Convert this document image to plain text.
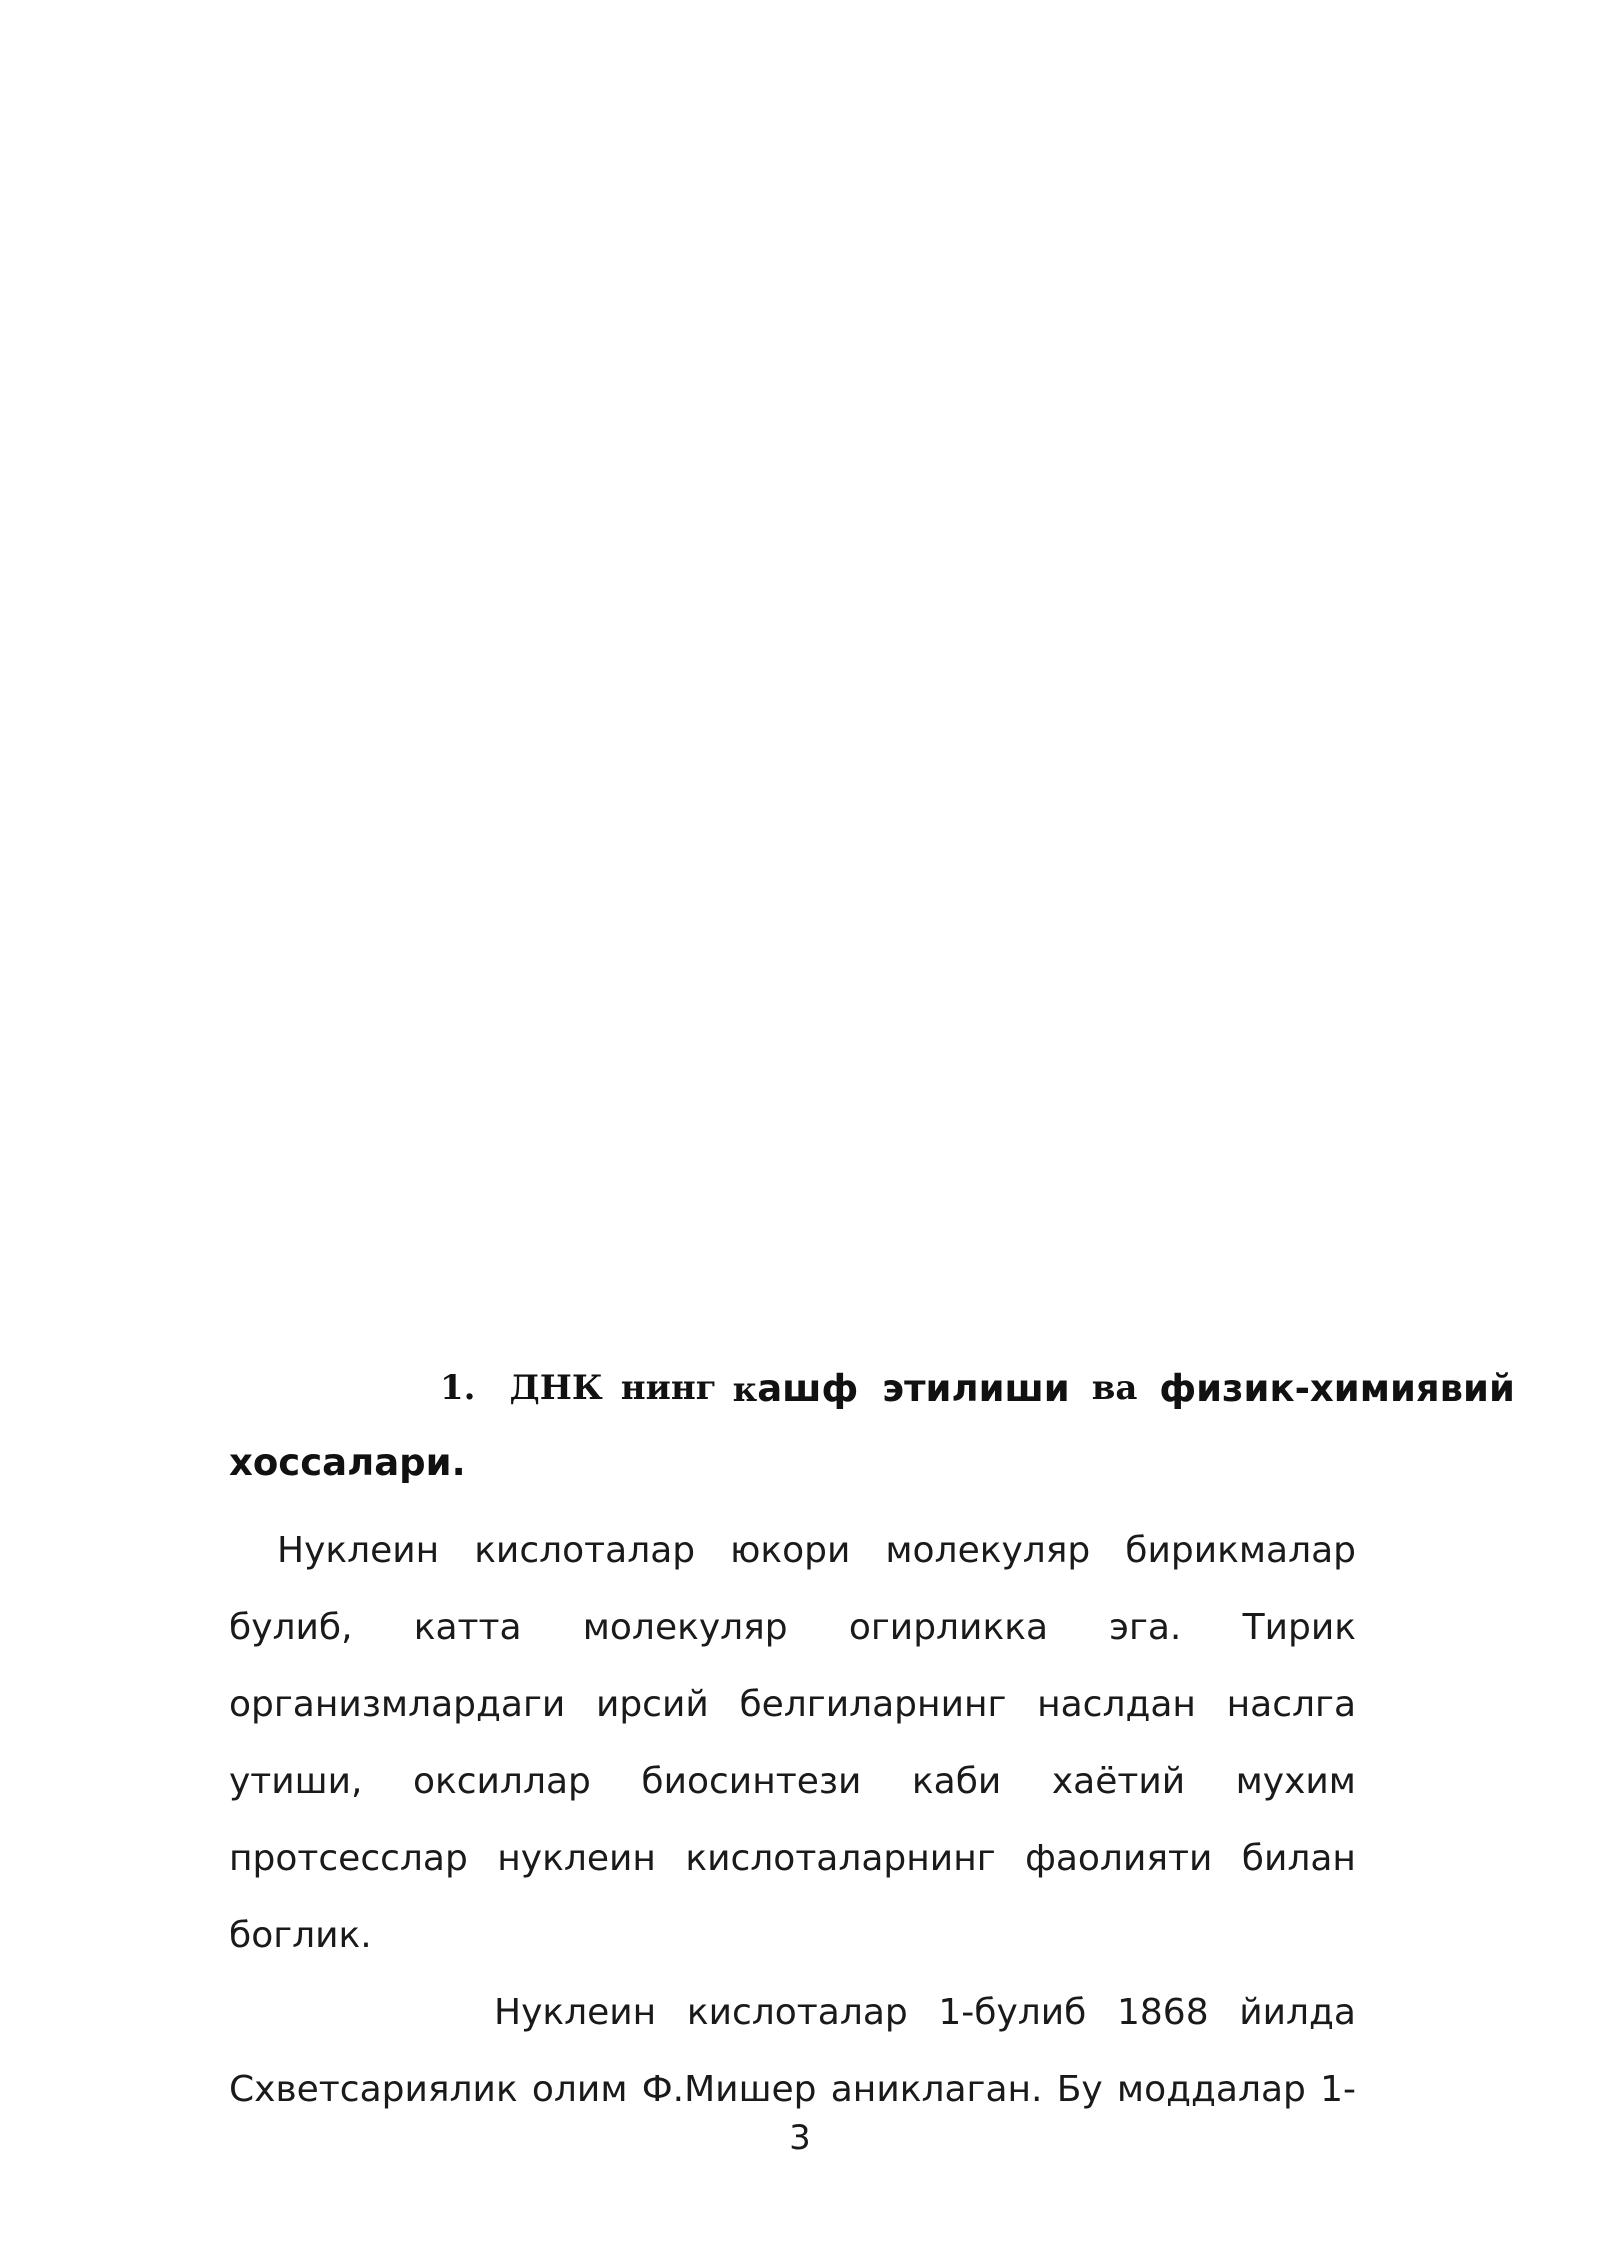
1. ДНК нинг кашф этилиши ва физик-химиявий
хоссалари.
Нуклеин кислоталар юкори молекуляр бирикмалар
булиб, катта молекуляр огирликка эга. Тирик
организмлардаги ирсий белгиларнинг наслдан наслга
утиши, оксиллар биосинтези каби хаётий мухим
протсесслар нуклеин кислоталарнинг фаолияти билан
боглик.
Нуклеин кислоталар 1-булиб 1868 йилда
Схветсариялик олим Ф.Мишер аниклаган. Бу моддалар 1-
3
